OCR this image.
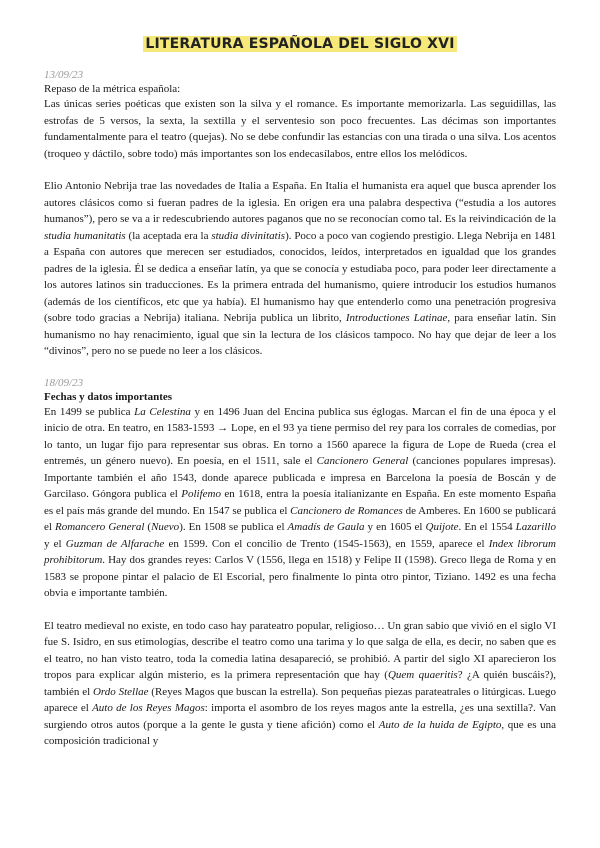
LITERATURA ESPAÑOLA DEL SIGLO XVI
13/09/23

Repaso de la métrica española:

Las únicas series poéticas que existen son la silva y el romance. Es importante memorizarla. Las seguidillas, las estrofas de 5 versos, la sexta, la sextilla y el serventesio son poco frecuentes. Las décimas son importantes fundamentalmente para el teatro (quejas). No se debe confundir las estancias con una tirada o una silva. Los acentos (troqueo y dáctilo, sobre todo) más importantes son los endecasílabos, entre ellos los melódicos.

Elio Antonio Nebrija trae las novedades de Italia a España. En Italia el humanista era aquel que busca aprender los autores clásicos como si fueran padres de la iglesia. En origen era una palabra despectiva (“estudia a los autores humanos”), pero se va a ir redescubriendo autores paganos que no se reconocían como tal. Es la reivindicación de la studia humanitatis (la aceptada era la studia divinitatis). Poco a poco van cogiendo prestigio. Llega Nebrija en 1481 a España con autores que merecen ser estudiados, conocidos, leídos, interpretados en igualdad que los grandes padres de la iglesia. Él se dedica a enseñar latín, ya que se conocía y estudiaba poco, para poder leer directamente a los autores latinos sin traducciones. Es la primera entrada del humanismo, quiere introducir los estudios humanos (además de los científicos, etc que ya había). El humanismo hay que entenderlo como una penetración progresiva (sobre todo gracias a Nebrija) italiana. Nebrija publica un librito, Introductiones Latinae, para enseñar latín. Sin humanismo no hay renacimiento, igual que sin la lectura de los clásicos tampoco. No hay que dejar de leer a los “divinos”, pero no se puede no leer a los clásicos.

18/09/23

Fechas y datos importantes

En 1499 se publica La Celestina y en 1496 Juan del Encina publica sus églogas. Marcan el fin de una época y el inicio de otra. En teatro, en 1583-1593 → Lope, en el 93 ya tiene permiso del rey para los corrales de comedias, por lo tanto, un lugar fijo para representar sus obras. En torno a 1560 aparece la figura de Lope de Rueda (crea el entremés, un género nuevo). En poesía, en el 1511, sale el Cancionero General (canciones populares impresas). Importante también el año 1543, donde aparece publicada e impresa en Barcelona la poesía de Boscán y de Garcilaso. Góngora publica el Polifemo en 1618, entra la poesía italianizante en España. En este momento España es el país más grande del mundo. En 1547 se publica el Cancionero de Romances de Amberes. En 1600 se publicará el Romancero General (Nuevo). En 1508 se publica el Amadís de Gaula y en 1605 el Quijote. En el 1554 Lazarillo y el Guzman de Alfarache en 1599. Con el concilio de Trento (1545-1563), en 1559, aparece el Index librorum prohibitorum. Hay dos grandes reyes: Carlos V (1556, llega en 1518) y Felipe II (1598). Greco llega de Roma y en 1583 se propone pintar el palacio de El Escorial, pero finalmente lo pinta otro pintor, Tiziano. 1492 es una fecha obvia e importante también.

El teatro medieval no existe, en todo caso hay parateatro popular, religioso… Un gran sabio que vivió en el siglo VI fue S. Isidro, en sus etimologías, describe el teatro como una tarima y lo que salga de ella, es decir, no saben que es el teatro, no han visto teatro, toda la comedia latina desapareció, se prohibió. A partir del siglo XI aparecieron los tropos para explicar algún misterio, es la primera representación que hay (Quem quaeritis? ¿A quién buscáis?), también el Ordo Stellae (Reyes Magos que buscan la estrella). Son pequeñas piezas parateatrales o litúrgicas. Luego aparece el Auto de los Reyes Magos: importa el asombro de los reyes magos ante la estrella, ¿es una sextilla?. Van surgiendo otros autos (porque a la gente le gusta y tiene afición) como el Auto de la huida de Egipto, que es una composición tradicional y
